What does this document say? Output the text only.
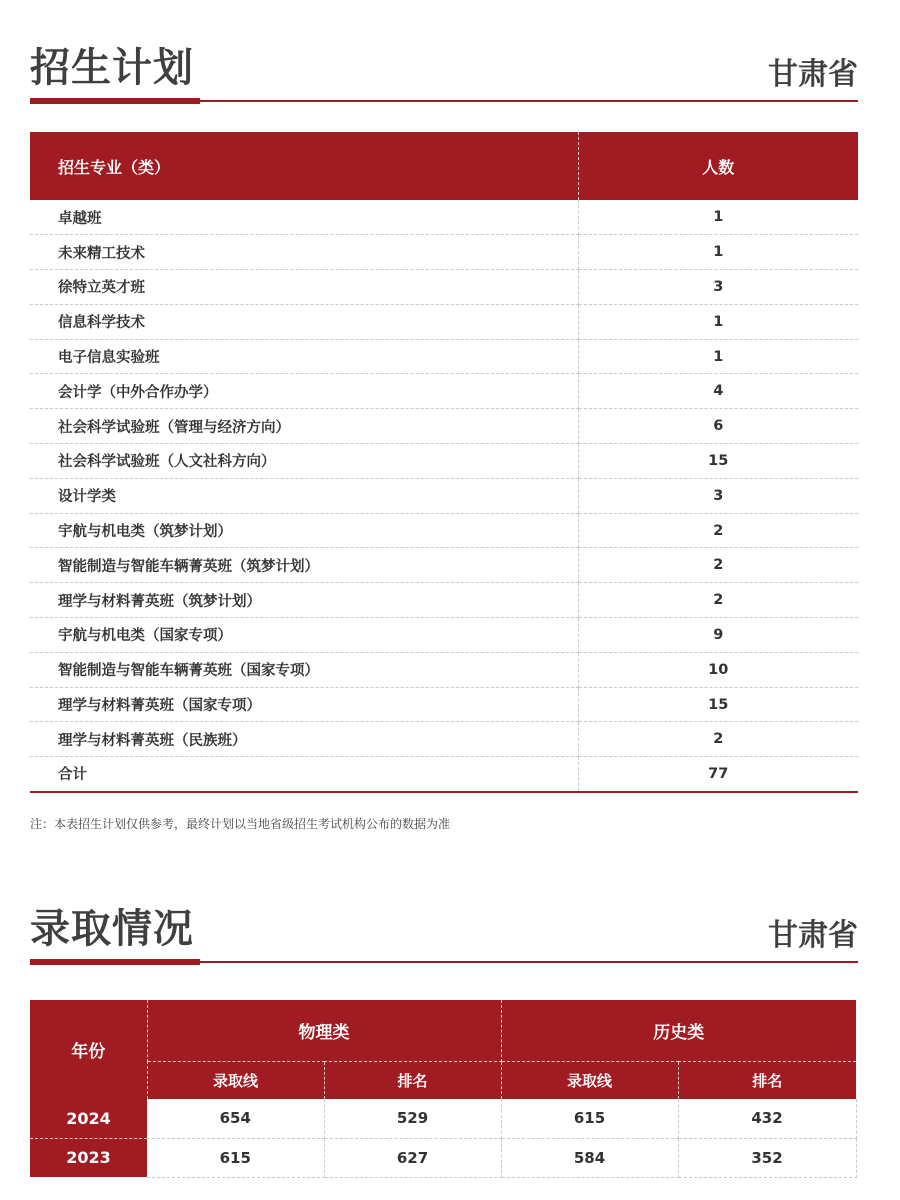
招生计划	甘肃省
招生专业（类）	人数
卓越班	1
未来精工技术	1
徐特立英才班	3
信息科学技术	1
电子信息实验班	1
会计学（中外合作办学）	4
社会科学试验班（管理与经济方向）	6
社会科学试验班（人文社科方向）	15
设计学类	3
宇航与机电类（筑梦计划）	2
智能制造与智能车辆菁英班（筑梦计划）	2
理学与材料菁英班（筑梦计划）	2
宇航与机电类（国家专项）	9
智能制造与智能车辆菁英班（国家专项）	10
理学与材料菁英班（国家专项）	15
理学与材料菁英班（民族班）	2
合计	77
注：本表招生计划仅供参考，最终计划以当地省级招生考试机构公布的数据为准
录取情况	甘肃省
年份	物理类		历史类	
	录取线	排名	录取线	排名
2024	654	529	615	432
2023	615	627	584	352
